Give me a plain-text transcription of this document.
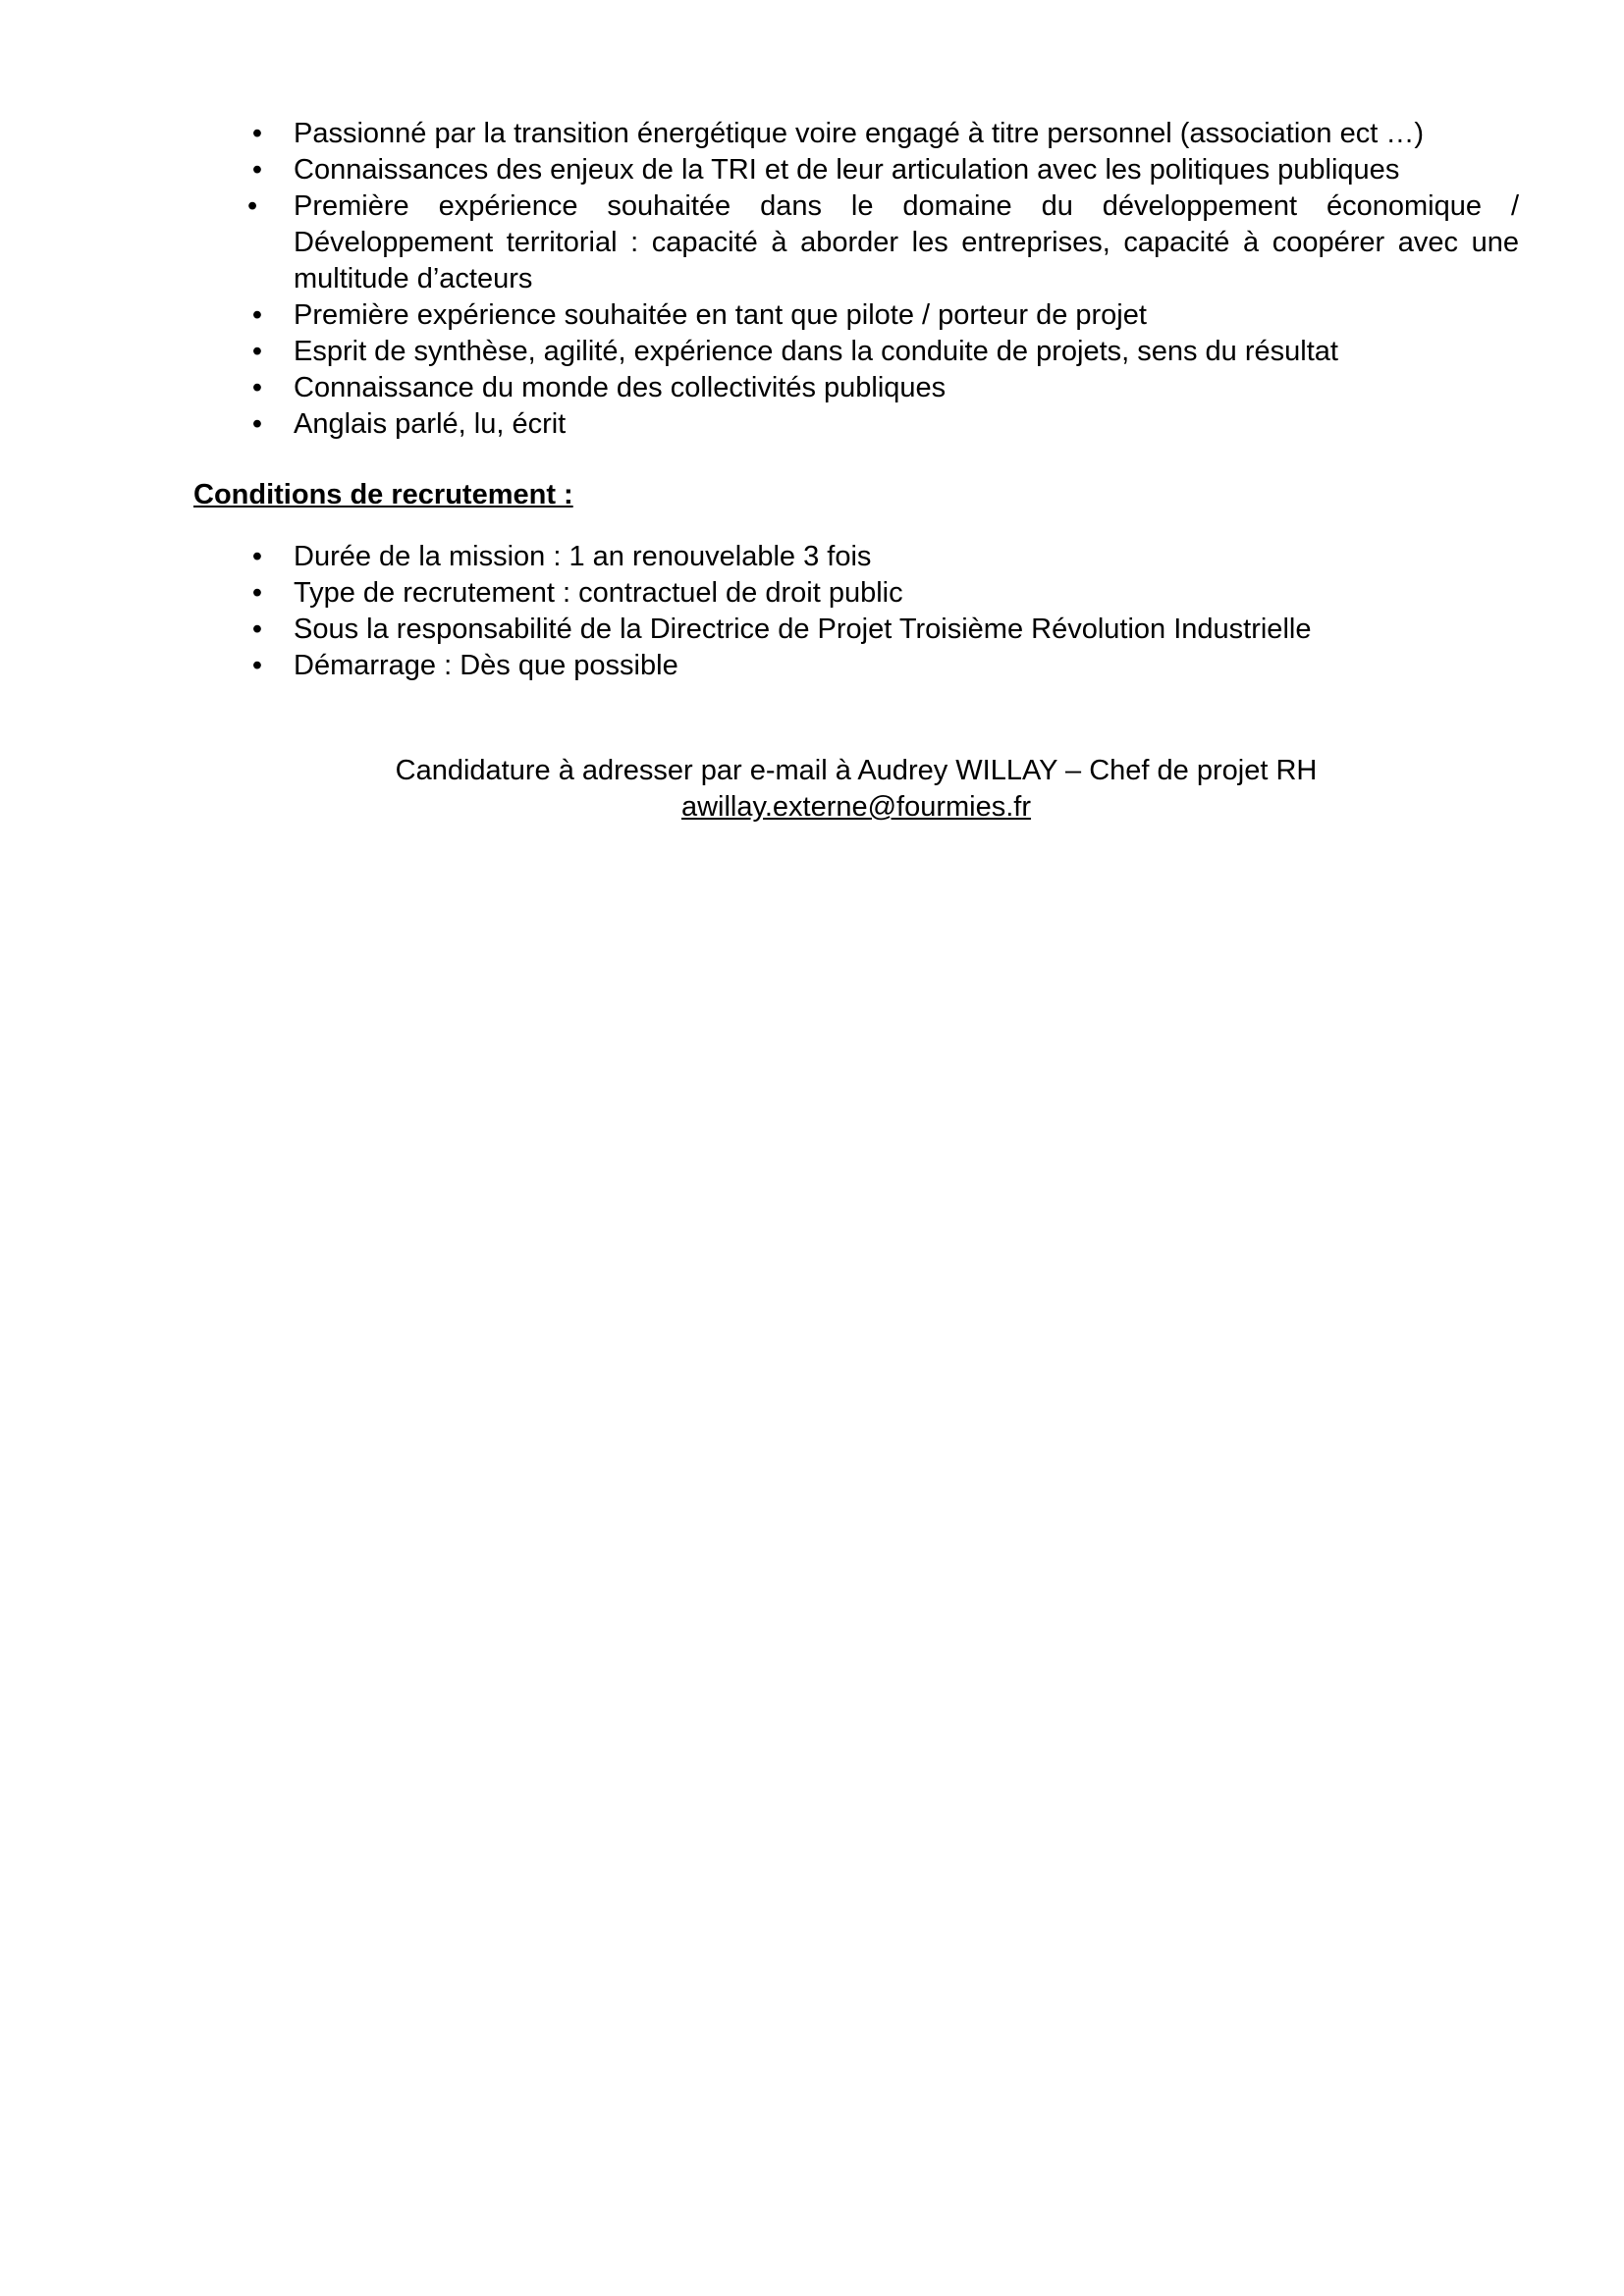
• Passionné par la transition énergétique voire engagé à titre personnel (association ect …)
• Connaissances des enjeux de la TRI et de leur articulation avec les politiques publiques
•	Première expérience souhaitée dans le domaine du développement économique / Développement territorial : capacité à aborder les entreprises, capacité à coopérer avec une multitude d’acteurs
• Première expérience souhaitée en tant que pilote / porteur de projet
• Esprit de synthèse, agilité, expérience dans la conduite de projets, sens du résultat
• Connaissance du monde des collectivités publiques
• Anglais parlé, lu, écrit
Conditions de recrutement :
• Durée de la mission : 1 an renouvelable 3 fois
• Type de recrutement : contractuel de droit public
• Sous la responsabilité de la Directrice de Projet Troisième Révolution Industrielle
• Démarrage : Dès que possible
Candidature à adresser par e-mail à Audrey WILLAY – Chef de projet RH
awillay.externe@fourmies.fr
